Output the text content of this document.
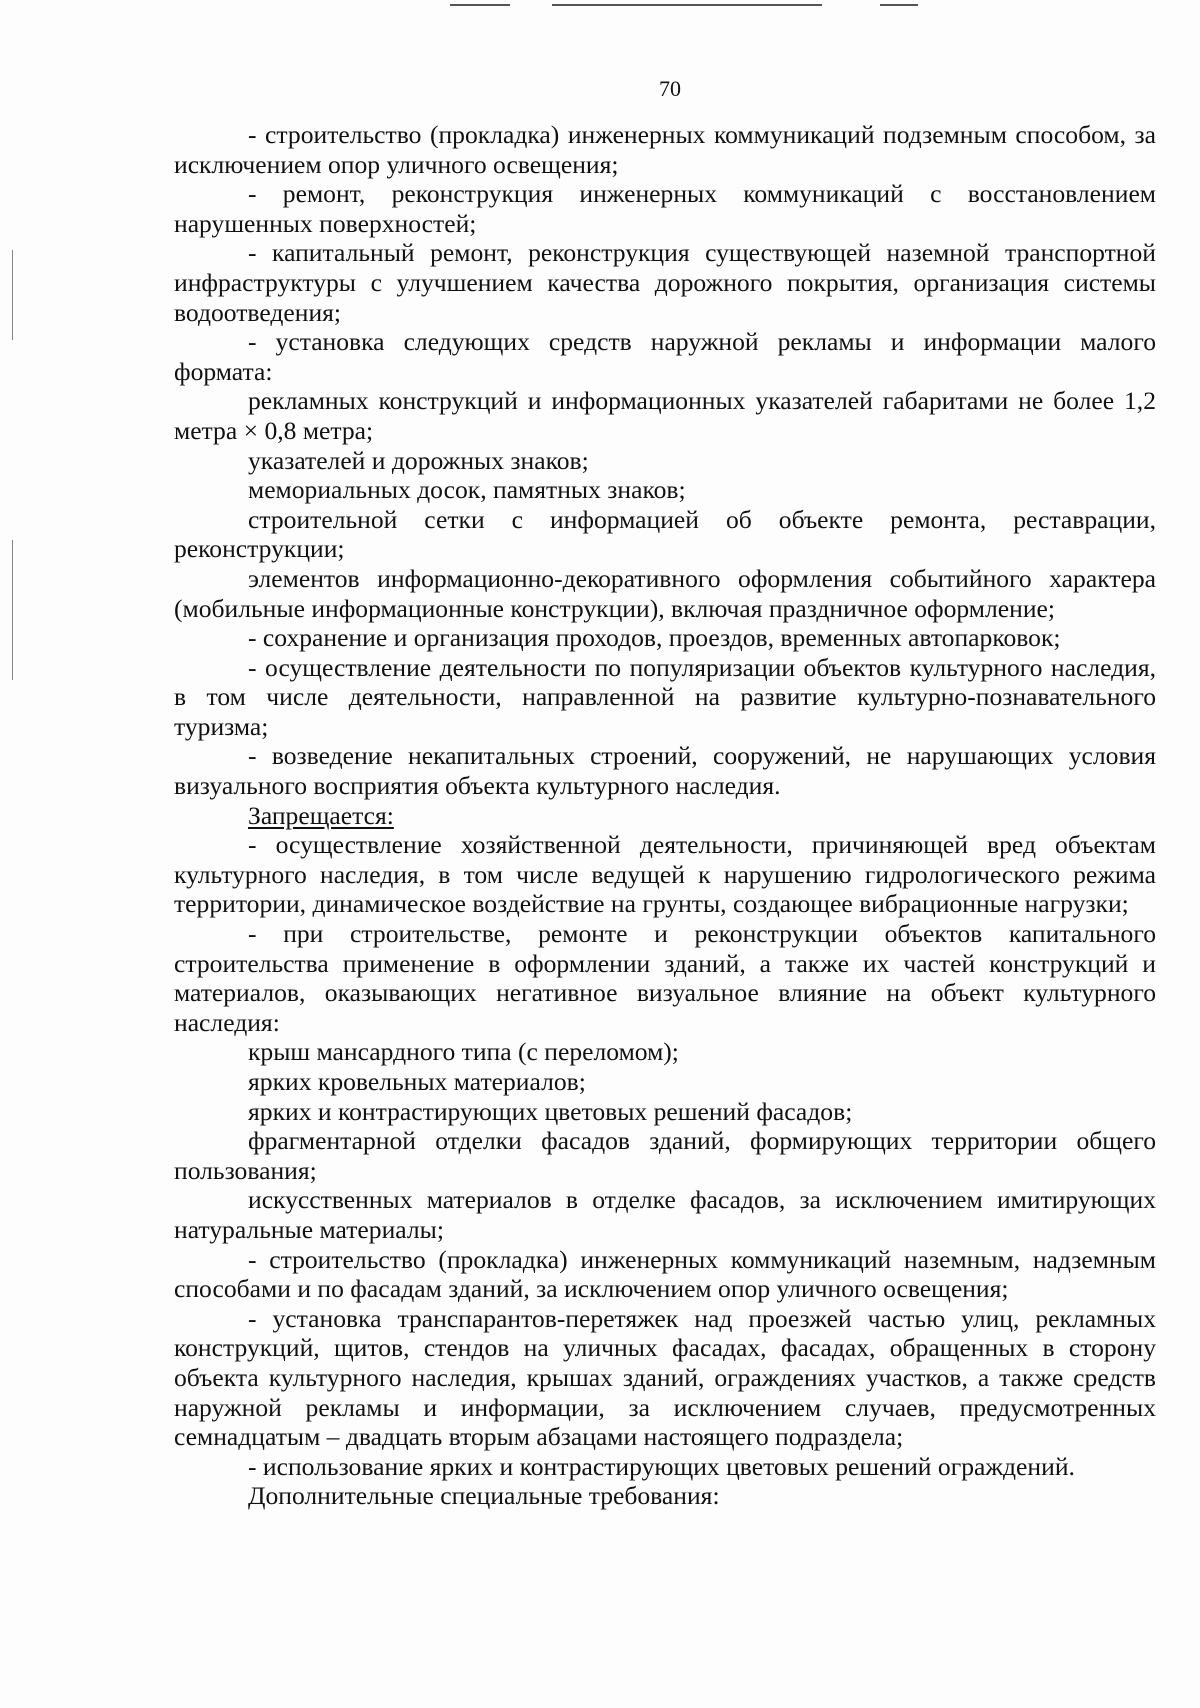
70

- строительство (прокладка) инженерных коммуникаций подземным способом, за исключением опор уличного освещения;

- ремонт, реконструкция инженерных коммуникаций с восстановлением нарушенных поверхностей;

- капитальный ремонт, реконструкция существующей наземной транспортной инфраструктуры с улучшением качества дорожного покрытия, организация системы водоотведения;

- установка следующих средств наружной рекламы и информации малого формата:

рекламных конструкций и информационных указателей габаритами не более 1,2 метра × 0,8 метра;

указателей и дорожных знаков;

мемориальных досок, памятных знаков;

строительной сетки с информацией об объекте ремонта, реставрации, реконструкции;

элементов информационно-декоративного оформления событийного характера (мобильные информационные конструкции), включая праздничное оформление;

- сохранение и организация проходов, проездов, временных автопарковок;

- осуществление деятельности по популяризации объектов культурного наследия, в том числе деятельности, направленной на развитие культурно-познавательного туризма;

- возведение некапитальных строений, сооружений, не нарушающих условия визуального восприятия объекта культурного наследия.

Запрещается:

- осуществление хозяйственной деятельности, причиняющей вред объектам культурного наследия, в том числе ведущей к нарушению гидрологического режима территории, динамическое воздействие на грунты, создающее вибрационные нагрузки;

- при строительстве, ремонте и реконструкции объектов капитального строительства применение в оформлении зданий, а также их частей конструкций и материалов, оказывающих негативное визуальное влияние на объект культурного наследия:

крыш мансардного типа (с переломом);

ярких кровельных материалов;

ярких и контрастирующих цветовых решений фасадов;

фрагментарной отделки фасадов зданий, формирующих территории общего пользования;

искусственных материалов в отделке фасадов, за исключением имитирующих натуральные материалы;

- строительство (прокладка) инженерных коммуникаций наземным, надземным способами и по фасадам зданий, за исключением опор уличного освещения;

- установка транспарантов-перетяжек над проезжей частью улиц, рекламных конструкций, щитов, стендов на уличных фасадах, фасадах, обращенных в сторону объекта культурного наследия, крышах зданий, ограждениях участков, а также средств наружной рекламы и информации, за исключением случаев, предусмотренных семнадцатым – двадцать вторым абзацами настоящего подраздела;

- использование ярких и контрастирующих цветовых решений ограждений.

Дополнительные специальные требования:
